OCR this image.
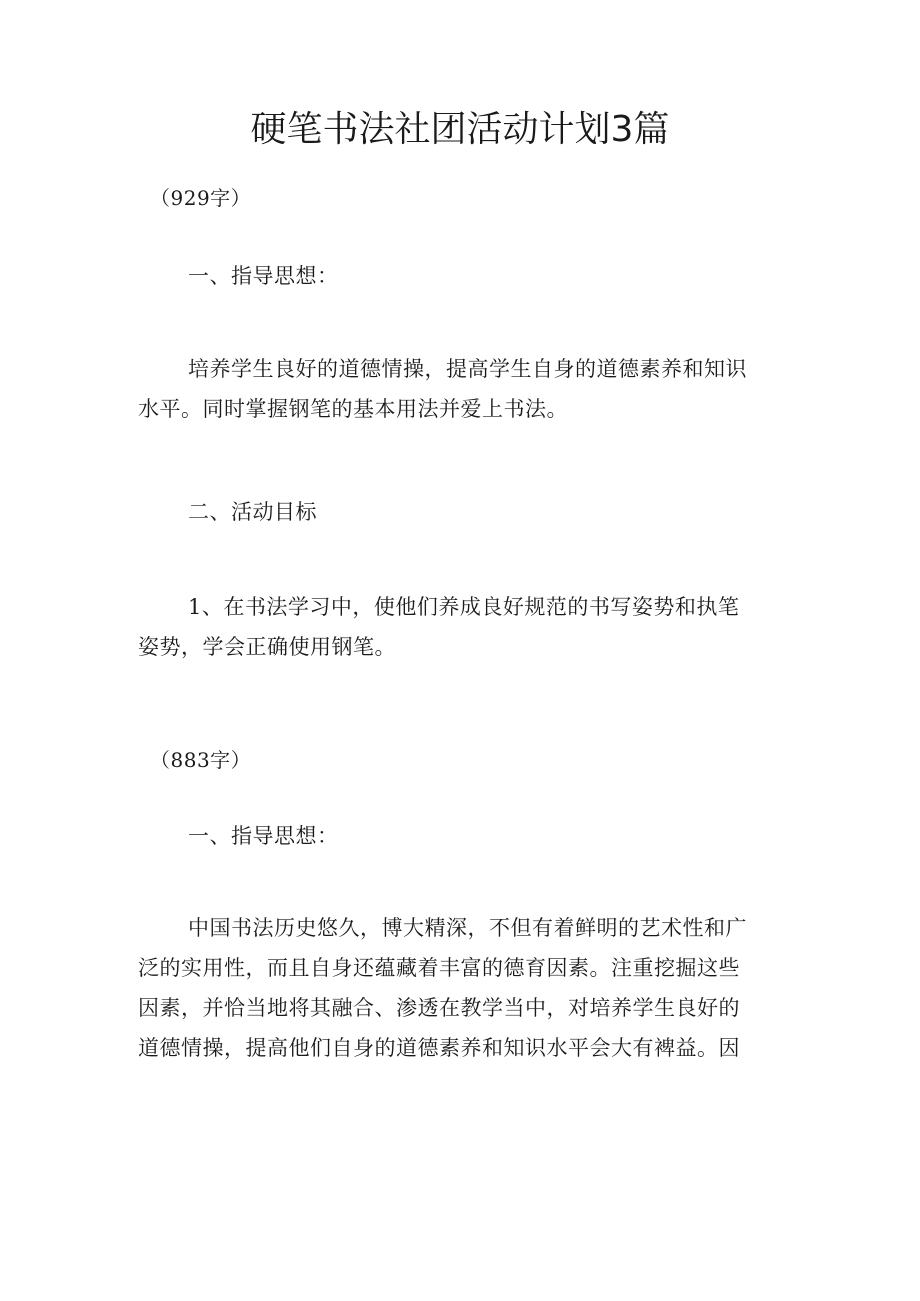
硬笔书法社团活动计划3篇
（929字）
一、指导思想：
培养学生良好的道德情操，提高学生自身的道德素养和知识
水平。同时掌握钢笔的基本用法并爱上书法。
二、活动目标
1、在书法学习中，使他们养成良好规范的书写姿势和执笔
姿势，学会正确使用钢笔。
（883字）
一、指导思想：
中国书法历史悠久，博大精深，不但有着鲜明的艺术性和广
泛的实用性，而且自身还蕴藏着丰富的德育因素。注重挖掘这些
因素，并恰当地将其融合、渗透在教学当中，对培养学生良好的
道德情操，提高他们自身的道德素养和知识水平会大有裨益。因
